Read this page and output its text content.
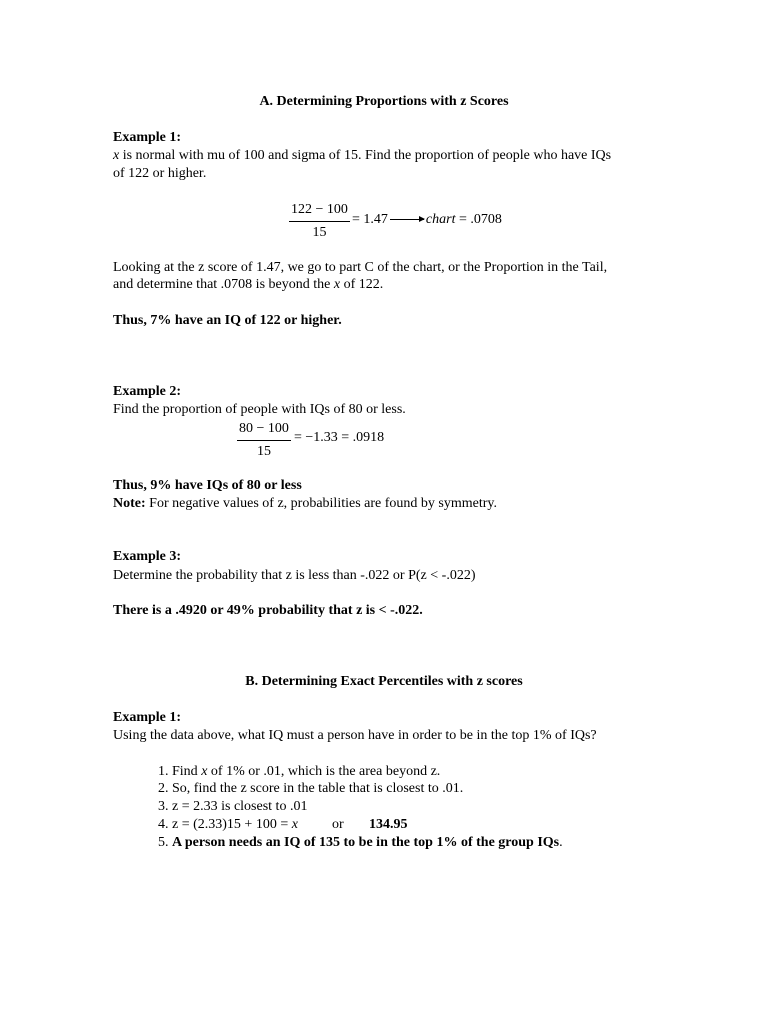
A. Determining Proportions with z Scores
Example 1:
x is normal with mu of 100 and sigma of 15. Find the proportion of people who have IQs
of 122 or higher.
122 − 100
15
= 1.47	chart = .0708
Looking at the z score of 1.47, we go to part C of the chart, or the Proportion in the Tail,
and determine that .0708 is beyond the x of 122.
Thus, 7% have an IQ of 122 or higher.
Example 2:
Find the proportion of people with IQs of 80 or less.
80 − 100
15
= −1.33 = .0918
Thus, 9% have IQs of 80 or less
Note: For negative values of z, probabilities are found by symmetry.
Example 3:
Determine the probability that z is less than -.022 or P(z < -.022)
There is a .4920 or 49% probability that z is < -.022.
B. Determining Exact Percentiles with z scores
Example 1:
Using the data above, what IQ must a person have in order to be in the top 1% of IQs?
1. Find x of 1% or .01, which is the area beyond z.
2. So, find the z score in the table that is closest to .01.
3. z = 2.33 is closest to .01
4. z = (2.33)15 + 100 = x or 134.95
5. A person needs an IQ of 135 to be in the top 1% of the group IQs.
